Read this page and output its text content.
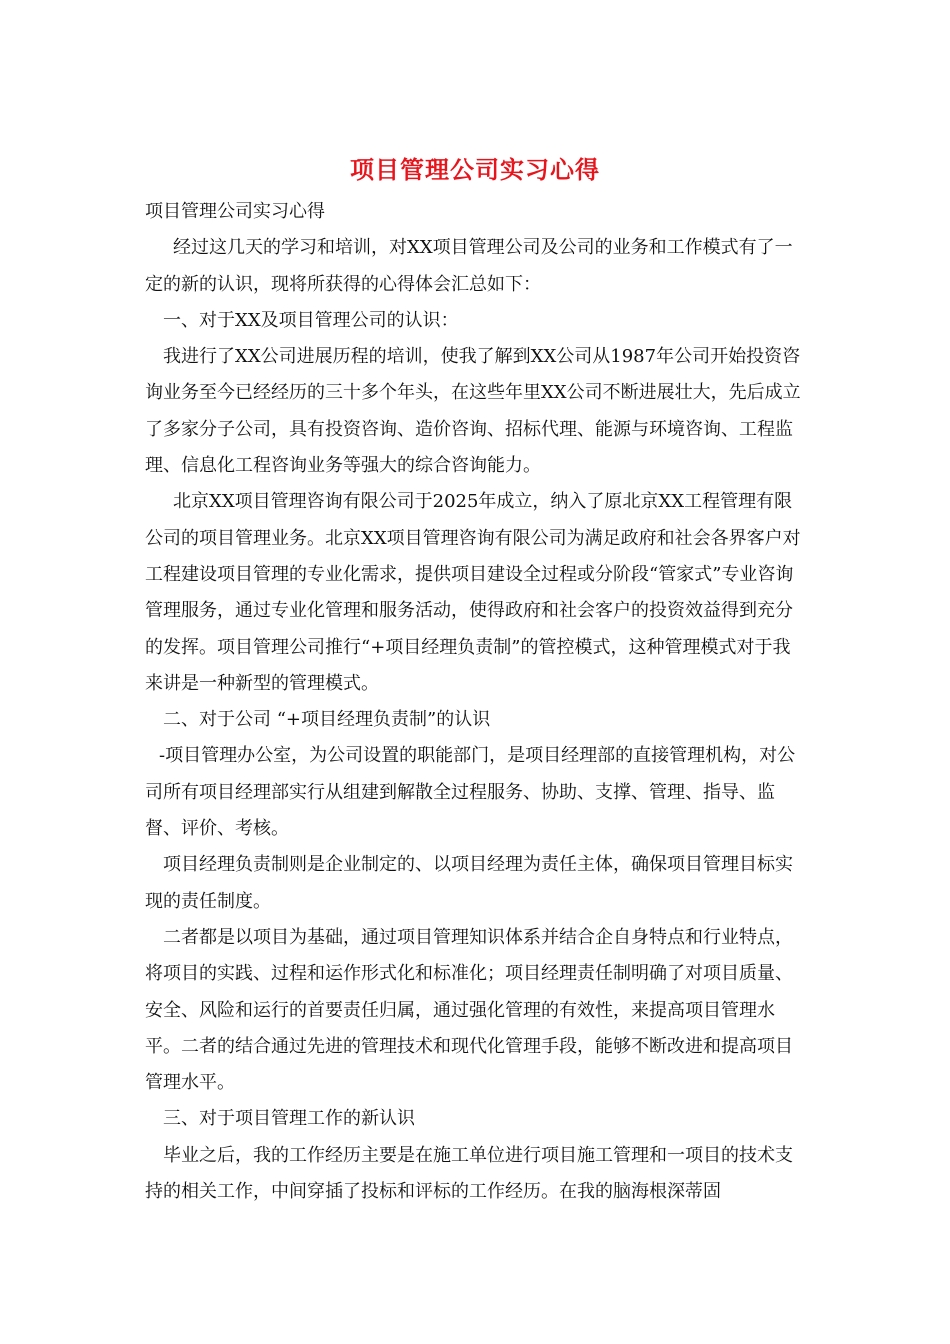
项目管理公司实习心得

项目管理公司实习心得

经过这几天的学习和培训，对XX项目管理公司及公司的业务和工作模式有了一定的新的认识，现将所获得的心得体会汇总如下：

一、对于XX及项目管理公司的认识：

我进行了XX公司进展历程的培训，使我了解到XX公司从1987年公司开始投资咨询业务至今已经经历的三十多个年头，在这些年里XX公司不断进展壮大，先后成立了多家分子公司，具有投资咨询、造价咨询、招标代理、能源与环境咨询、工程监理、信息化工程咨询业务等强大的综合咨询能力。

北京XX项目管理咨询有限公司于2025年成立，纳入了原北京XX工程管理有限公司的项目管理业务。北京XX项目管理咨询有限公司为满足政府和社会各界客户对工程建设项目管理的专业化需求，提供项目建设全过程或分阶段“管家式”专业咨询管理服务，通过专业化管理和服务活动，使得政府和社会客户的投资效益得到充分的发挥。项目管理公司推行“+项目经理负责制”的管控模式，这种管理模式对于我来讲是一种新型的管理模式。

二、对于公司 “+项目经理负责制”的认识

-项目管理办公室，为公司设置的职能部门，是项目经理部的直接管理机构，对公司所有项目经理部实行从组建到解散全过程服务、协助、支撑、管理、指导、监督、评价、考核。

项目经理负责制则是企业制定的、以项目经理为责任主体，确保项目管理目标实现的责任制度。

二者都是以项目为基础，通过项目管理知识体系并结合企自身特点和行业特点，将项目的实践、过程和运作形式化和标准化；项目经理责任制明确了对项目质量、安全、风险和运行的首要责任归属，通过强化管理的有效性，来提高项目管理水平。二者的结合通过先进的管理技术和现代化管理手段，能够不断改进和提高项目管理水平。

三、对于项目管理工作的新认识

毕业之后，我的工作经历主要是在施工单位进行项目施工管理和一项目的技术支持的相关工作，中间穿插了投标和评标的工作经历。在我的脑海根深蒂固
